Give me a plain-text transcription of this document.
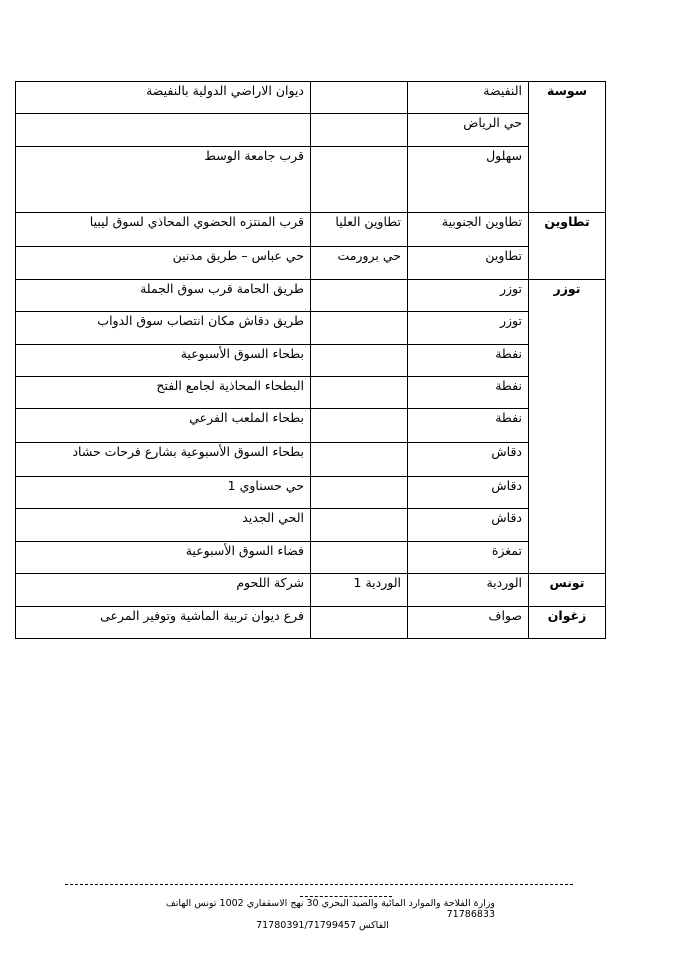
سوسة	النفيضة		ديوان الاراضي الدولية بالنفيضة
	حي الرياض		
	سهلول		قرب جامعة الوسط
تطاوين	تطاوين الجنوبية	تطاوين العليا	قرب المنتزه الحضوي المحاذي لسوق ليبيا
	تطاوين	حي برورمت	حي عباس – طريق مدنين
توزر	توزر		طريق الحامة قرب سوق الجملة
	توزر		طريق دقاش مكان انتصاب سوق الدواب
	نفطة		بطحاء السوق الأسبوعية
	نفطة		البطحاء المحاذية لجامع الفتح
	نفطة		بطحاء الملعب الفرعي
	دقاش		بطحاء السوق الأسبوعية بشارع فرحات حشاد
	دقاش		حي حسناوي 1
	دقاش		الحي الجديد
	تمغزة		فضاء السوق الأسبوعية
تونس	الوردية	الوردية 1	شركة اللحوم
زغوان	صواف		فرع ديوان تربية الماشية وتوفير المرعى
وزارة الفلاحة والموارد المائية والصيد البحري 30 نهج الاسقفاري 1002 تونس الهاتف 71786833
الفاكس 71780391/71799457
